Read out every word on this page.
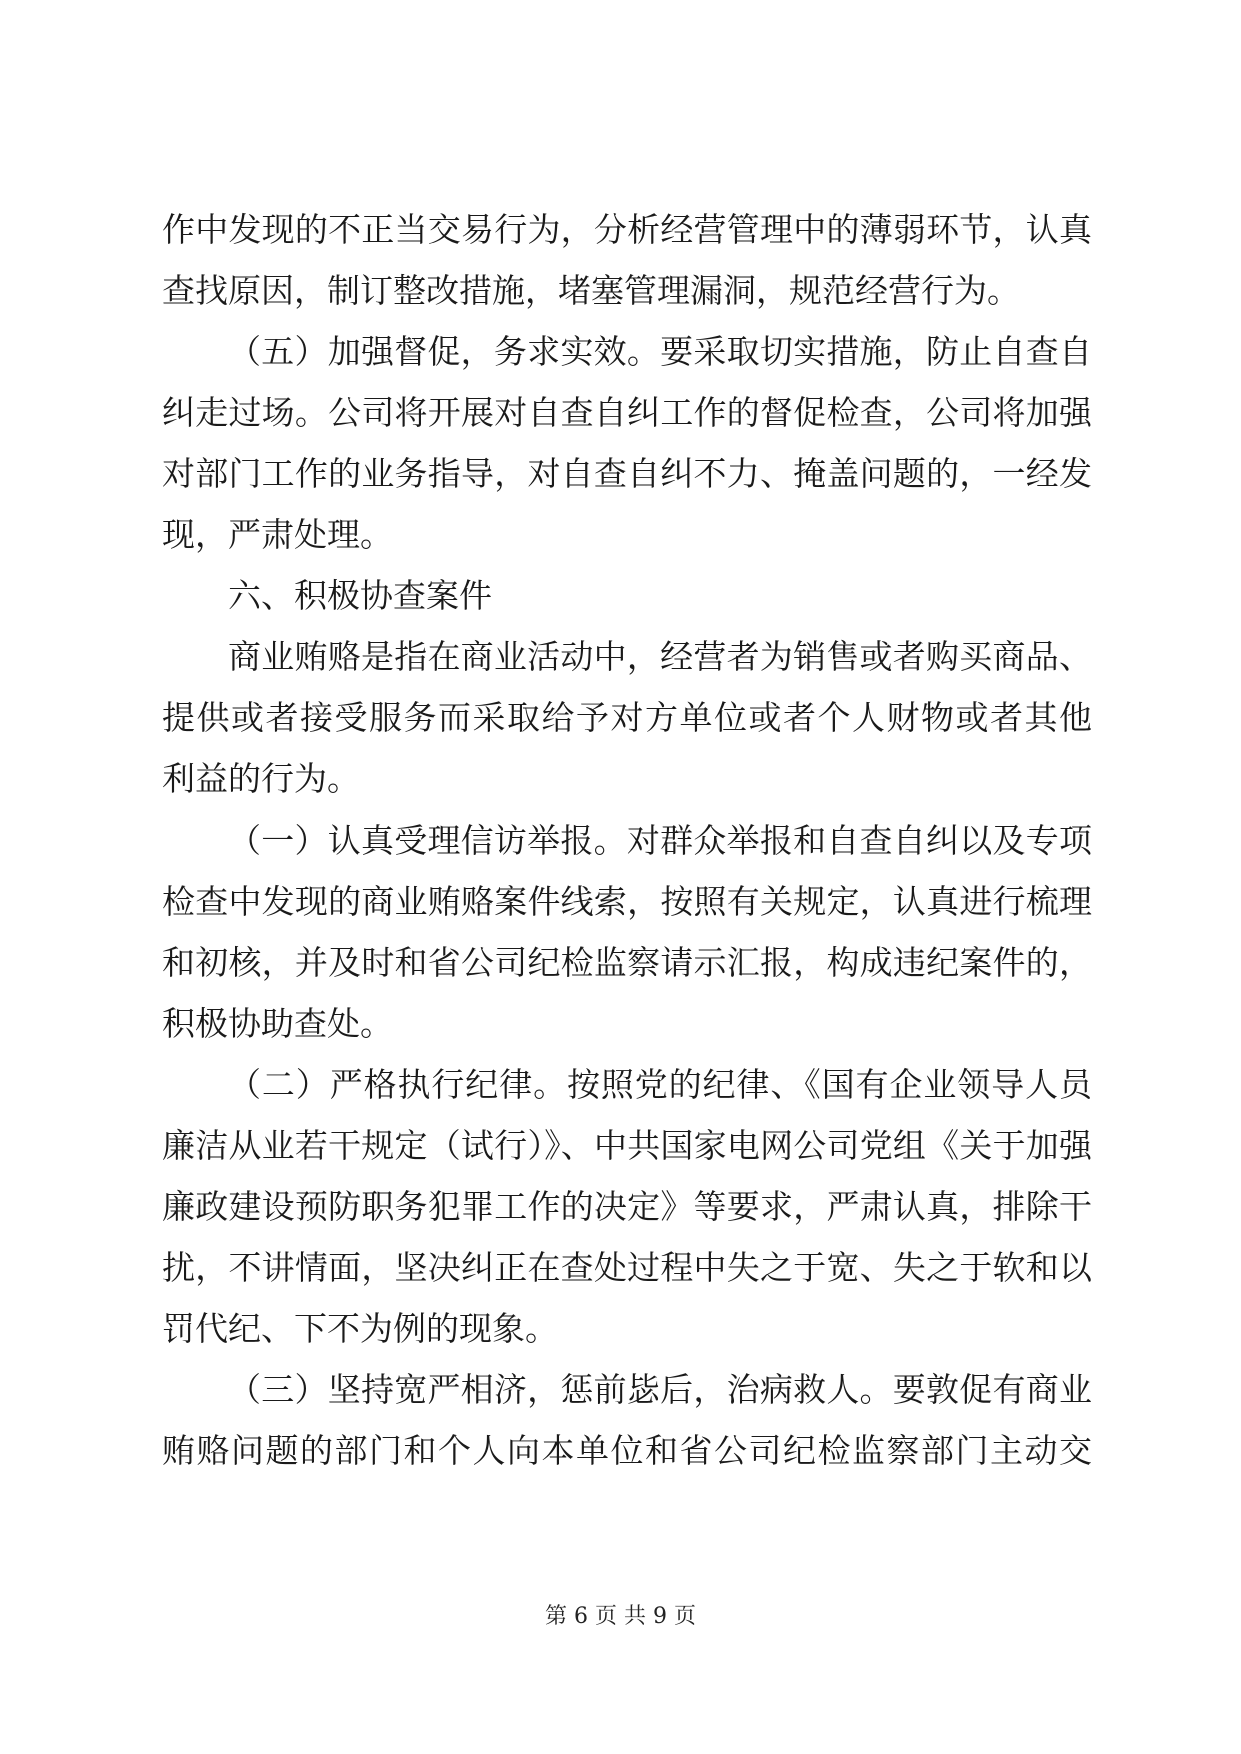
作中发现的不正当交易行为，分析经营管理中的薄弱环节，认真
查找原因，制订整改措施，堵塞管理漏洞，规范经营行为。
（五）加强督促，务求实效。要采取切实措施，防止自查自
纠走过场。公司将开展对自查自纠工作的督促检查，公司将加强
对部门工作的业务指导，对自查自纠不力、掩盖问题的，一经发
现，严肃处理。
六、积极协查案件
商业贿赂是指在商业活动中，经营者为销售或者购买商品、
提供或者接受服务而采取给予对方单位或者个人财物或者其他
利益的行为。
（一）认真受理信访举报。对群众举报和自查自纠以及专项
检查中发现的商业贿赂案件线索，按照有关规定，认真进行梳理
和初核，并及时和省公司纪检监察请示汇报，构成违纪案件的，
积极协助查处。
（二）严格执行纪律。按照党的纪律、《国有企业领导人员
廉洁从业若干规定（试行）》、中共国家电网公司党组《关于加强
廉政建设预防职务犯罪工作的决定》等要求，严肃认真，排除干
扰，不讲情面，坚决纠正在查处过程中失之于宽、失之于软和以
罚代纪、下不为例的现象。
（三）坚持宽严相济，惩前毖后，治病救人。要敦促有商业
贿赂问题的部门和个人向本单位和省公司纪检监察部门主动交
第 6 页 共 9 页
